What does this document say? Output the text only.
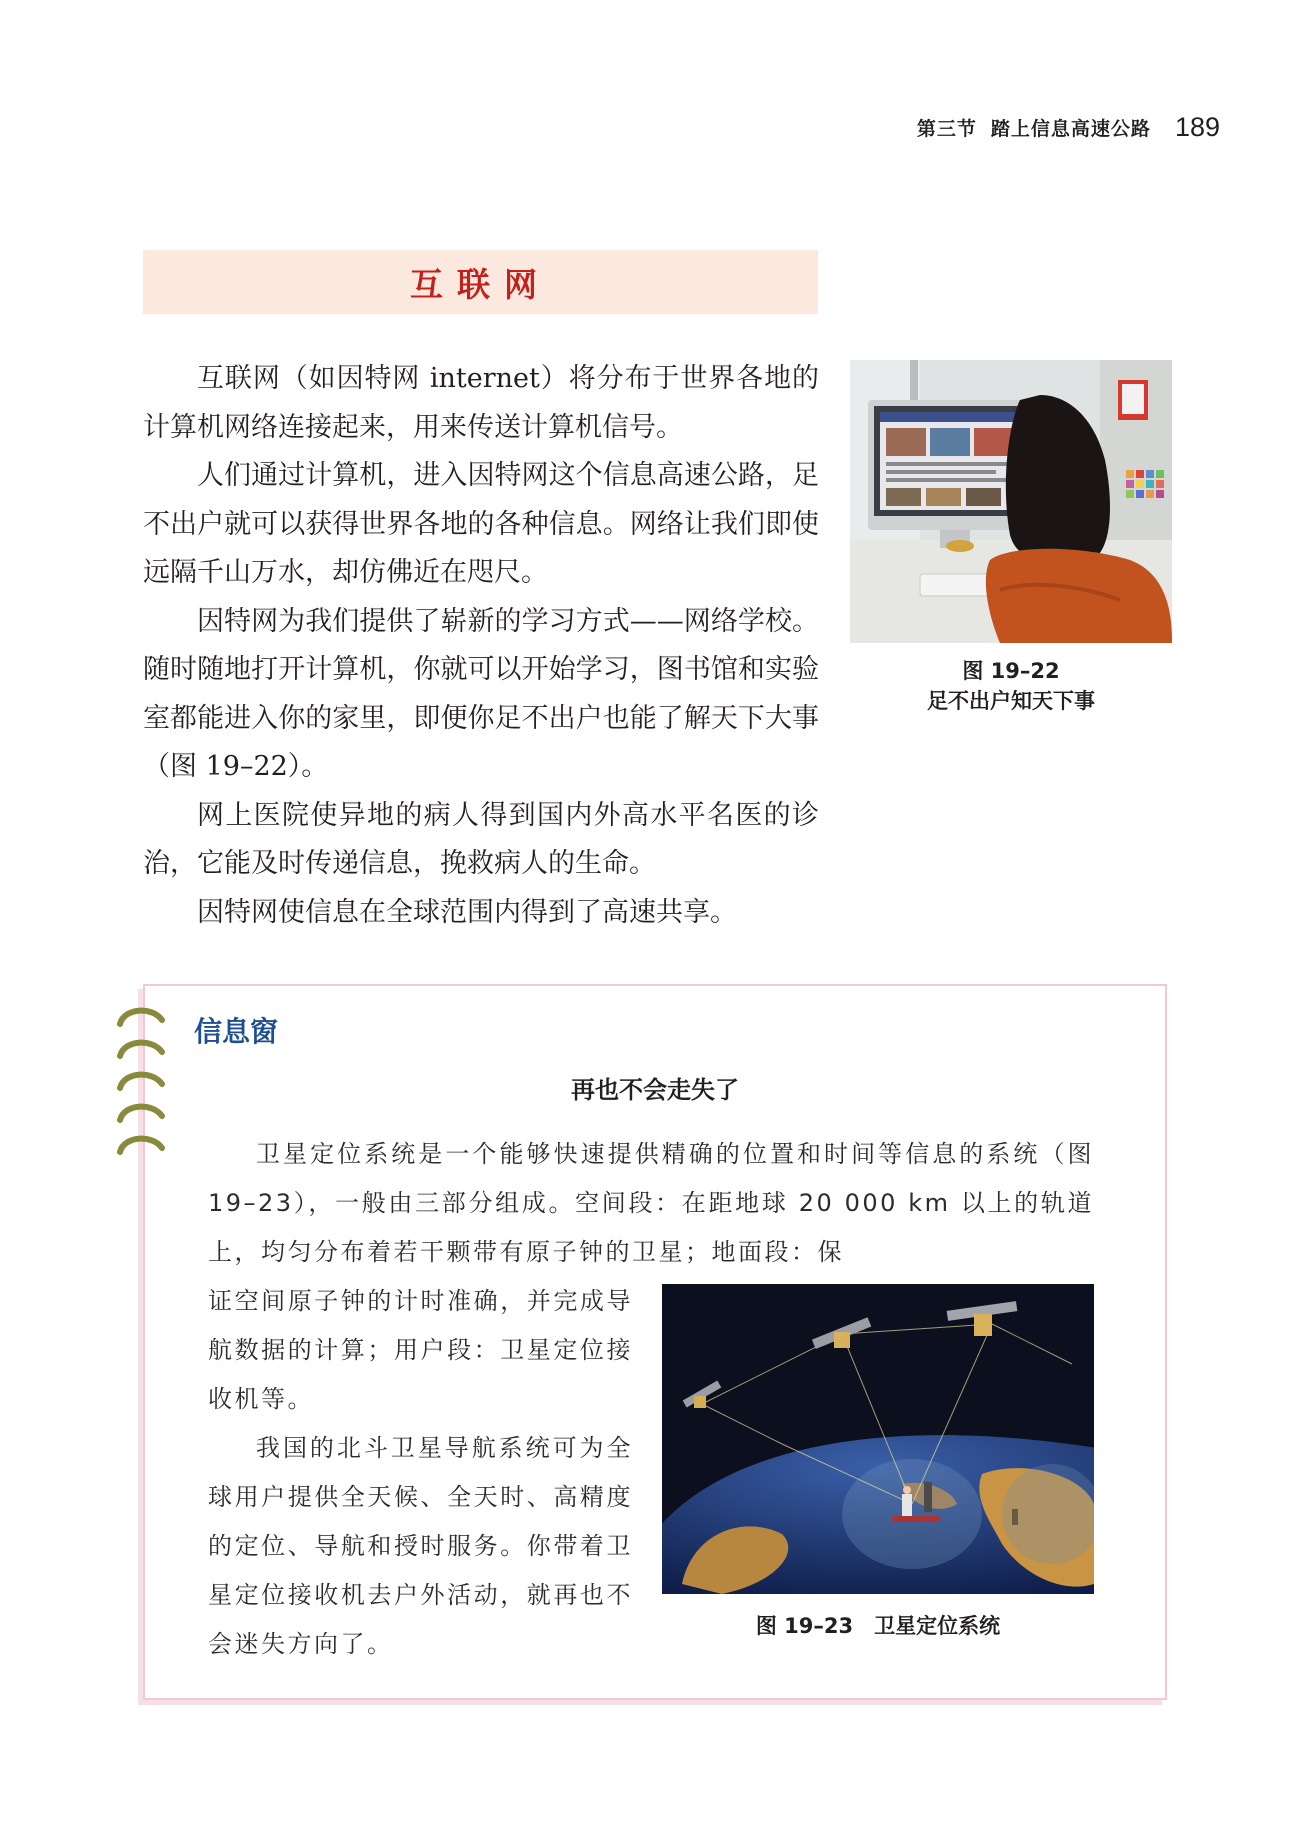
第三节 踏上信息高速公路 189
互联网

互联网（如因特网 internet）将分布于世界各地的计算机网络连接起来，用来传送计算机信号。

人们通过计算机，进入因特网这个信息高速公路，足不出户就可以获得世界各地的各种信息。网络让我们即使远隔千山万水，却仿佛近在咫尺。

因特网为我们提供了崭新的学习方式——网络学校。随时随地打开计算机，你就可以开始学习，图书馆和实验室都能进入你的家里，即便你足不出户也能了解天下大事（图 19–22）。

网上医院使异地的病人得到国内外高水平名医的诊治，它能及时传递信息，挽救病人的生命。

因特网使信息在全球范围内得到了高速共享。

图 19–22
足不出户知天下事
信息窗
再也不会走失了

卫星定位系统是一个能够快速提供精确的位置和时间等信息的系统（图 19–23），一般由三部分组成。空间段：在距地球 20 000 km 以上的轨道上，均匀分布着若干颗带有原子钟的卫星；地面段：保

证空间原子钟的计时准确，并完成导航数据的计算；用户段：卫星定位接收机等。

我国的北斗卫星导航系统可为全球用户提供全天候、全天时、高精度的定位、导航和授时服务。你带着卫星定位接收机去户外活动，就再也不会迷失方向了。

图 19–23　卫星定位系统
